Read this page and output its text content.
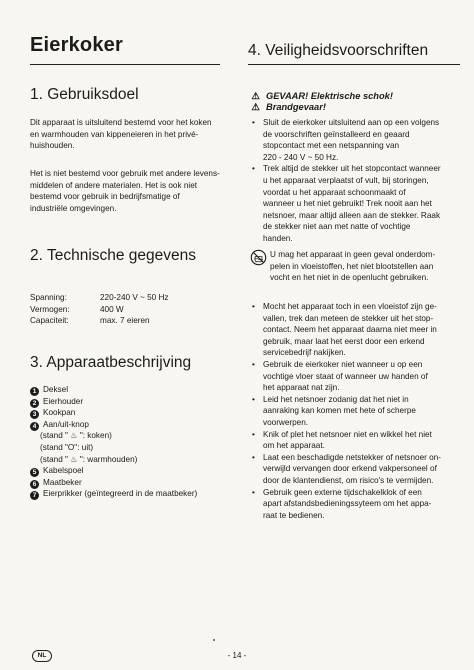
Eierkoker
1. Gebruiksdoel
Dit apparaat is uitsluitend bestemd voor het koken
en warmhouden van kippeneieren in het privé-
huishouden.
Het is niet bestemd voor gebruik met andere levens-
middelen of andere materialen. Het is ook niet
bestemd voor gebruik in bedrijfsmatige of
industriële omgevingen.
2. Technische gegevens
Spanning:	220-240 V ~ 50 Hz
Vermogen:	400 W
Capaciteit:	max. 7 eieren
3. Apparaatbeschrijving
1 Deksel
2 Eierhouder
3 Kookpan
4 Aan/uit-knop
(stand " ♨ ": koken)
(stand "O": uit)
(stand " ♨ ": warmhouden)
5 Kabelspoel
6 Maatbeker
7 Eierprikker (geïntegreerd in de maatbeker)
4. Veiligheidsvoorschriften
⚠ GEVAAR! Elektrische schok!
⚠ Brandgevaar!
• Sluit de eierkoker uitsluitend aan op een volgens
de voorschriften geïnstalleerd en geaard
stopcontact met een netspanning van
220 - 240 V ~ 50 Hz.
• Trek altijd de stekker uit het stopcontact wanneer
u het apparaat verplaatst of vult, bij storingen,
voordat u het apparaat schoonmaakt of
wanneer u het niet gebruikt! Trek nooit aan het
netsnoer, maar altijd alleen aan de stekker. Raak
de stekker niet aan met natte of vochtige
handen.
U mag het apparaat in geen geval onderdom-
pelen in vloeistoffen, het niet blootstellen aan
vocht en het niet in de openlucht gebruiken.
• Mocht het apparaat toch in een vloeistof zijn ge-
vallen, trek dan meteen de stekker uit het stop-
contact. Neem het apparaat daarna niet meer in
gebruik, maar laat het eerst door een erkend
servicebedrijf nakijken.
• Gebruik de eierkoker niet wanneer u op een
vochtige vloer staat of wanneer uw handen of
het apparaat nat zijn.
• Leid het netsnoer zodanig dat het niet in
aanraking kan komen met hete of scherpe
voorwerpen.
• Knik of plet het netsnoer niet en wikkel het niet
om het apparaat.
• Laat een beschadigde netstekker of netsnoer on-
verwijld vervangen door erkend vakpersoneel of
door de klantendienst, om risico's te vermijden.
• Gebruik geen externe tijdschakelklok of een
apart afstandsbedieningssyteem om het appa-
raat te bedienen.
NL	- 14 -
